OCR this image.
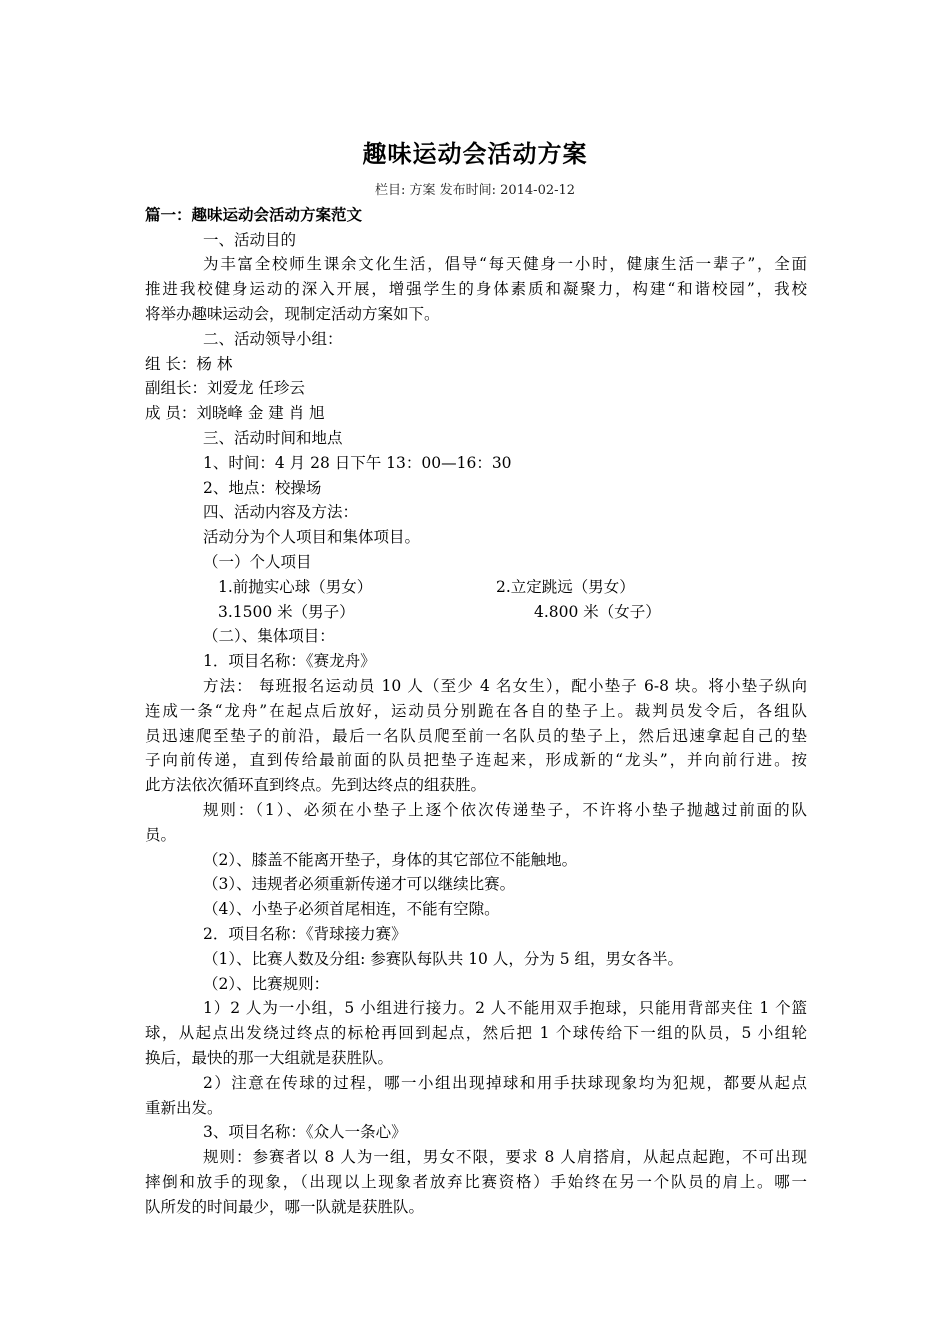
趣味运动会活动方案
栏目: 方案 发布时间: 2014-02-12
篇一：趣味运动会活动方案范文
一、活动目的
为丰富全校师生课余文化生活，倡导“每天健身一小时，健康生活一辈子”，全面
推进我校健身运动的深入开展，增强学生的身体素质和凝聚力，构建“和谐校园”，我校
将举办趣味运动会，现制定活动方案如下。
二、活动领导小组：
组 长：杨 林
副组长：刘爱龙 任珍云
成 员：刘晓峰 金 建 肖 旭
三、活动时间和地点
1、时间：4 月 28 日下午 13：00—16：30
2、地点：校操场
四、活动内容及方法：
活动分为个人项目和集体项目。
（一）个人项目
1.前抛实心球（男女）	2.立定跳远（男女）
3.1500 米（男子）	4.800 米（女子）
（二）、集体项目：
1．项目名称：《赛龙舟》
方法： 每班报名运动员 10 人（至少 4 名女生），配小垫子 6-8 块。将小垫子纵向
连成一条“龙舟”在起点后放好，运动员分别跪在各自的垫子上。裁判员发令后，各组队
员迅速爬至垫子的前沿，最后一名队员爬至前一名队员的垫子上，然后迅速拿起自己的垫
子向前传递，直到传给最前面的队员把垫子连起来，形成新的“龙头”，并向前行进。按
此方法依次循环直到终点。先到达终点的组获胜。
规则：（1）、必须在小垫子上逐个依次传递垫子，不许将小垫子抛越过前面的队
员。
（2）、膝盖不能离开垫子，身体的其它部位不能触地。
（3）、违规者必须重新传递才可以继续比赛。
（4）、小垫子必须首尾相连，不能有空隙。
2．项目名称：《背球接力赛》
（1）、比赛人数及分组: 参赛队每队共 10 人，分为 5 组，男女各半。
（2）、比赛规则：
1）2 人为一小组，5 小组进行接力。2 人不能用双手抱球，只能用背部夹住 1 个篮
球，从起点出发绕过终点的标枪再回到起点，然后把 1 个球传给下一组的队员，5 小组轮
换后，最快的那一大组就是获胜队。
2）注意在传球的过程，哪一小组出现掉球和用手扶球现象均为犯规，都要从起点
重新出发。
3、项目名称：《众人一条心》
规则：参赛者以 8 人为一组，男女不限，要求 8 人肩搭肩，从起点起跑，不可出现
摔倒和放手的现象，（出现以上现象者放弃比赛资格）手始终在另一个队员的肩上。哪一
队所发的时间最少，哪一队就是获胜队。
